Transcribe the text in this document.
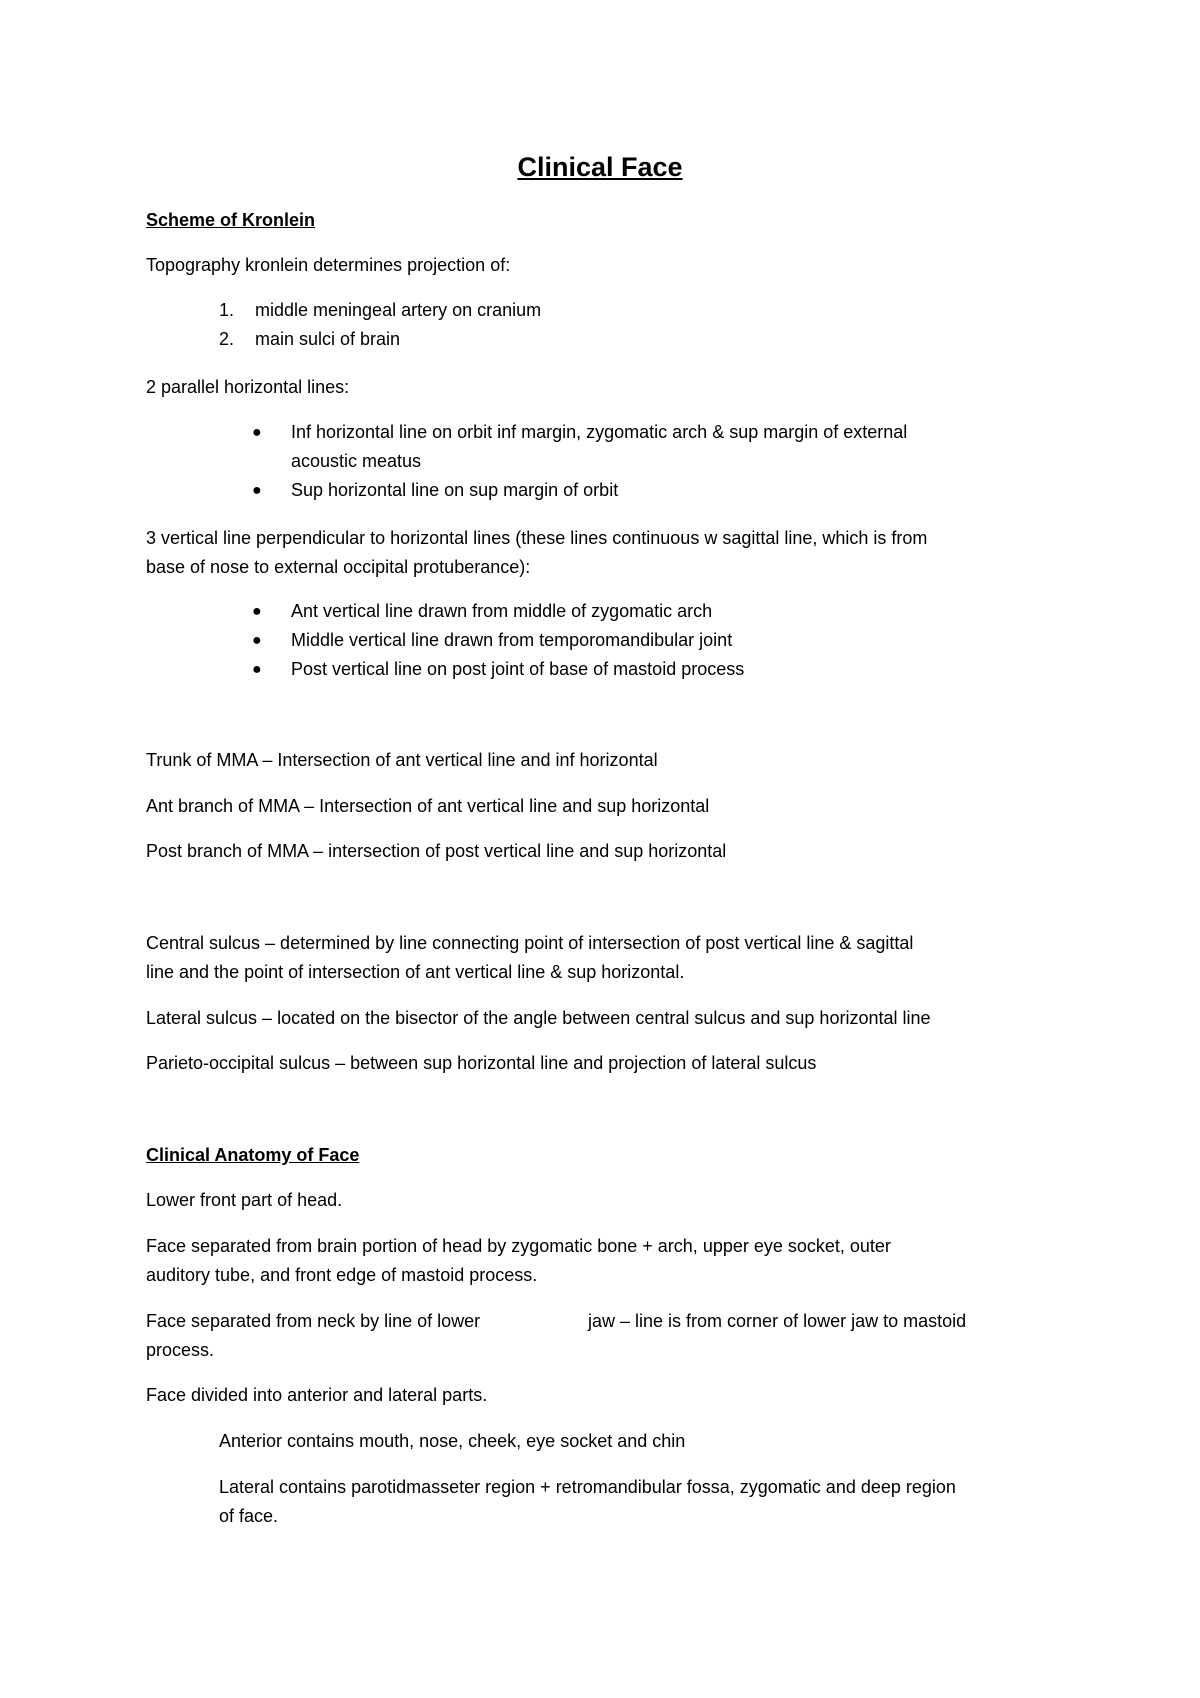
Clinical Face

Scheme of Kronlein

Topography kronlein determines projection of:

1.	middle meningeal artery on cranium
2.	main sulci of brain

2 parallel horizontal lines:

● Inf horizontal line on orbit inf margin, zygomatic arch & sup margin of external
acoustic meatus
● Sup horizontal line on sup margin of orbit

3 vertical line perpendicular to horizontal lines (these lines continuous w sagittal line, which is from

base of nose to external occipital protuberance):

● Ant vertical line drawn from middle of zygomatic arch
● Middle vertical line drawn from temporomandibular joint
● Post vertical line on post joint of base of mastoid process

Trunk of MMA – Intersection of ant vertical line and inf horizontal

Ant branch of MMA – Intersection of ant vertical line and sup horizontal

Post branch of MMA – intersection of post vertical line and sup horizontal

Central sulcus – determined by line connecting point of intersection of post vertical line & sagittal

line and the point of intersection of ant vertical line & sup horizontal.

Lateral sulcus – located on the bisector of the angle between central sulcus and sup horizontal line

Parieto-occipital sulcus – between sup horizontal line and projection of lateral sulcus

Clinical Anatomy of Face

Lower front part of head.

Face separated from brain portion of head by zygomatic bone + arch, upper eye socket, outer

auditory tube, and front edge of mastoid process.

Face separated from neck by line of lower	jaw – line is from corner of lower jaw to mastoid

process.

Face divided into anterior and lateral parts.

Anterior contains mouth, nose, cheek, eye socket and chin
Lateral contains parotidmasseter region + retromandibular fossa, zygomatic and deep region
of face.
